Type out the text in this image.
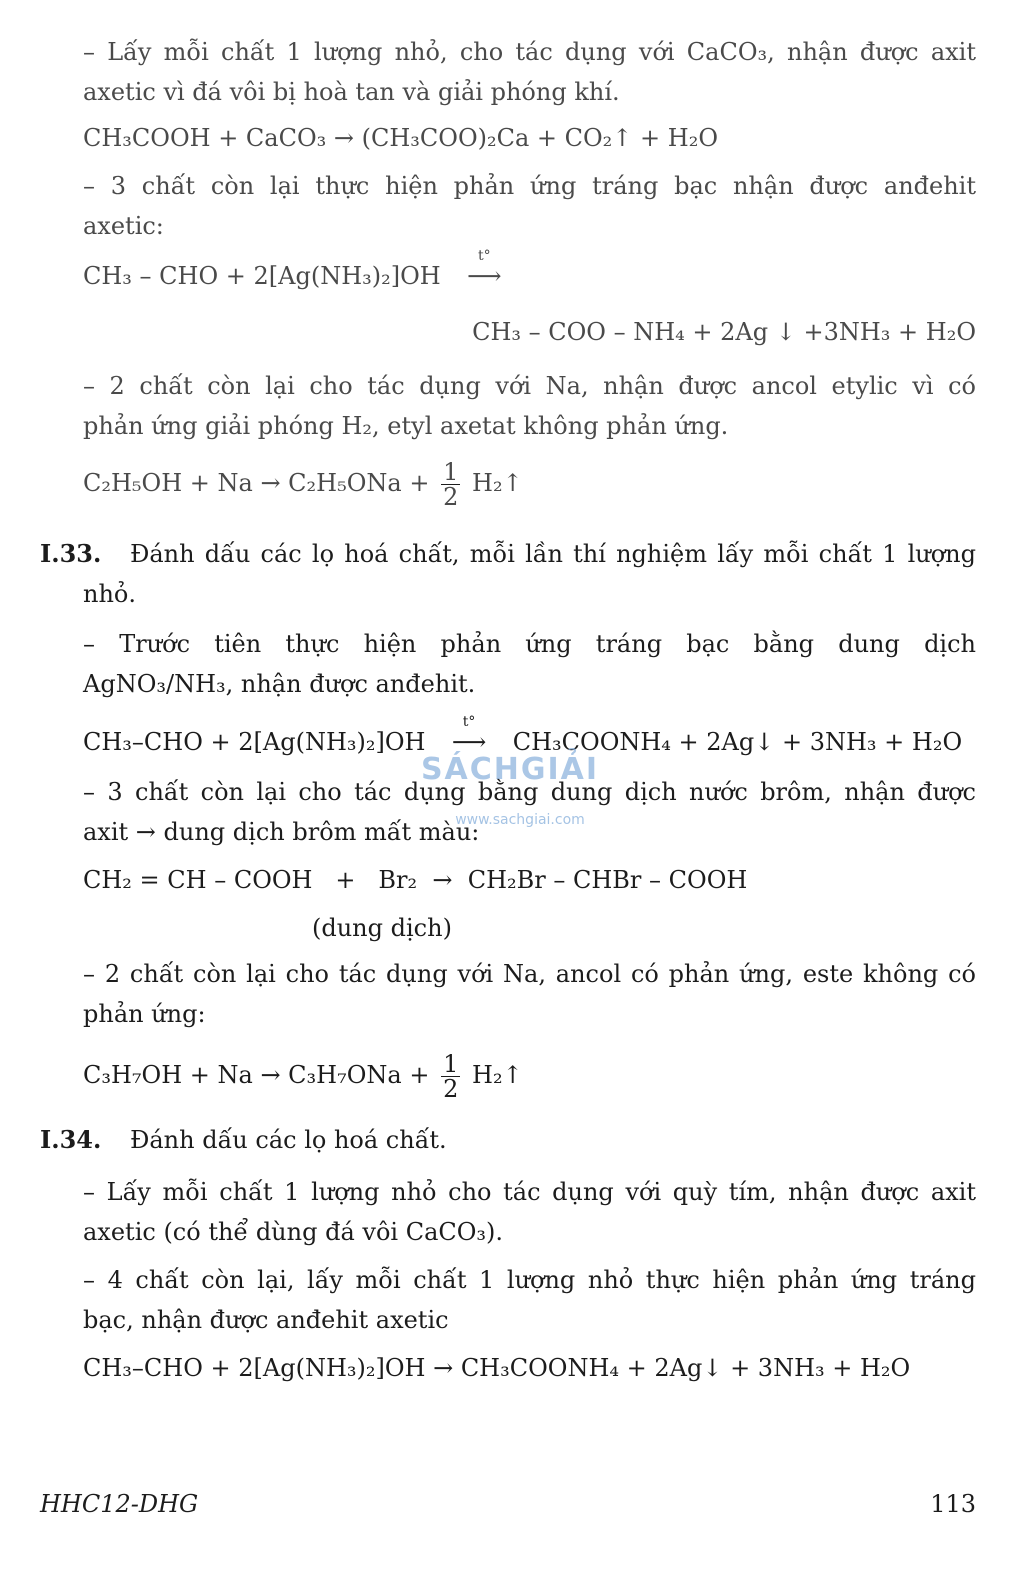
– Lấy mỗi chất 1 lượng nhỏ, cho tác dụng với CaCO₃, nhận được axit
axetic vì đá vôi bị hoà tan và giải phóng khí.
CH₃COOH + CaCO₃ → (CH₃COO)₂Ca + CO₂↑ + H₂O
– 3 chất còn lại thực hiện phản ứng tráng bạc nhận được anđehit
axetic:
CH₃ – CHO + 2[Ag(NH₃)₂]OH
t°
⟶
CH₃ – COO – NH₄ + 2Ag ↓ +3NH₃ + H₂O
– 2 chất còn lại cho tác dụng với Na, nhận được ancol etylic vì có
phản ứng giải phóng H₂, etyl axetat không phản ứng.
$C_2H_5OH + Na \to C_2H_5ONa + \frac{1}{2}$ H₂↑
I.33. Đánh dấu các lọ hoá chất, mỗi lần thí nghiệm lấy mỗi chất 1 lượng
nhỏ.
– Trước tiên thực hiện phản ứng tráng bạc bằng dung dịch
AgNO₃/NH₃, nhận được anđehit.
CH₃–CHO + 2[Ag(NH₃)₂]OH
t°
⟶ CH₃COONH₄ + 2Ag↓ + 3NH₃ + H₂O
– 3 chất còn lại cho tác dụng bằng dung dịch nước brôm, nhận được
axit → dung dịch brôm mất màu:
CH₂ = CH – COOH   +   Br₂  →  CH₂Br – CHBr – COOH
(dung dịch)
– 2 chất còn lại cho tác dụng với Na, ancol có phản ứng, este không có
phản ứng:
$C_3H_7OH + Na \to C_3H_7ONa + \frac{1}{2}$ H₂↑
I.34. Đánh dấu các lọ hoá chất.
– Lấy mỗi chất 1 lượng nhỏ cho tác dụng với quỳ tím, nhận được axit
axetic (có thể dùng đá vôi CaCO₃).
– 4 chất còn lại, lấy mỗi chất 1 lượng nhỏ thực hiện phản ứng tráng
bạc, nhận được anđehit axetic
CH₃–CHO + 2[Ag(NH₃)₂]OH → CH₃COONH₄ + 2Ag↓ + 3NH₃ + H₂O
SÁCHGIẢI
www.sachgiai.com
HHC12-DHG	113
